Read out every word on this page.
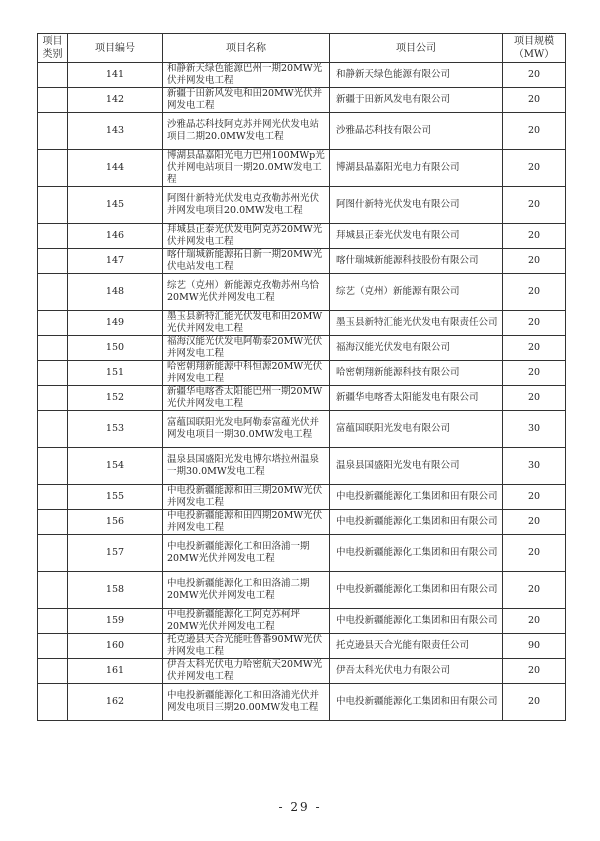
项目类别	项目编号	项目名称	项目公司	项目规模（MW）
	141	和静新天绿色能源巴州一期20MW光伏并网发电工程	和静新天绿色能源有限公司	20
	142	新疆于田新风发电和田20MW光伏并网发电工程	新疆于田新风发电有限公司	20
	143	沙雅晶芯科技阿克苏并网光伏发电站项目二期20.0MW发电工程	沙雅晶芯科技有限公司	20
	144	博湖县晶嘉阳光电力巴州100MWp光伏并网电站项目一期20.0MW发电工程	博湖县晶嘉阳光电力有限公司	20
	145	阿图什新特光伏发电克孜勒苏州光伏并网发电项目20.0MW发电工程	阿图什新特光伏发电有限公司	20
	146	拜城县正泰光伏发电阿克苏20MW光伏并网发电工程	拜城县正泰光伏发电有限公司	20
	147	喀什瑞城新能源拓日新一期20MW光伏电站发电工程	喀什瑞城新能源科技股份有限公司	20
	148	综艺（克州）新能源克孜勒苏州乌恰20MW光伏并网发电工程	综艺（克州）新能源有限公司	20
	149	墨玉县新特汇能光伏发电和田20MW光伏并网发电工程	墨玉县新特汇能光伏发电有限责任公司	20
	150	福海汉能光伏发电阿勒泰20MW光伏并网发电工程	福海汉能光伏发电有限公司	20
	151	哈密朝翔新能源中科恒源20MW光伏并网发电工程	哈密朝翔新能源科技有限公司	20
	152	新疆华电喀香太阳能巴州一期20MW光伏并网发电工程	新疆华电喀香太阳能发电有限公司	20
	153	富蕴国联阳光发电阿勒泰富蕴光伏并网发电项目一期30.0MW发电工程	富蕴国联阳光发电有限公司	30
	154	温泉县国盛阳光发电博尔塔拉州温泉一期30.0MW发电工程	温泉县国盛阳光发电有限公司	30
	155	中电投新疆能源和田三期20MW光伏并网发电工程	中电投新疆能源化工集团和田有限公司	20
	156	中电投新疆能源和田四期20MW光伏并网发电工程	中电投新疆能源化工集团和田有限公司	20
	157	中电投新疆能源化工和田洛浦一期20MW光伏并网发电工程	中电投新疆能源化工集团和田有限公司	20
	158	中电投新疆能源化工和田洛浦二期20MW光伏并网发电工程	中电投新疆能源化工集团和田有限公司	20
	159	中电投新疆能源化工阿克苏柯坪20MW光伏并网发电工程	中电投新疆能源化工集团和田有限公司	20
	160	托克逊县天合光能吐鲁番90MW光伏并网发电工程	托克逊县天合光能有限责任公司	90
	161	伊吾太科光伏电力哈密航天20MW光伏并网发电工程	伊吾太科光伏电力有限公司	20
	162	中电投新疆能源化工和田洛浦光伏并网发电项目三期20.00MW发电工程	中电投新疆能源化工集团和田有限公司	20
- 29 -
